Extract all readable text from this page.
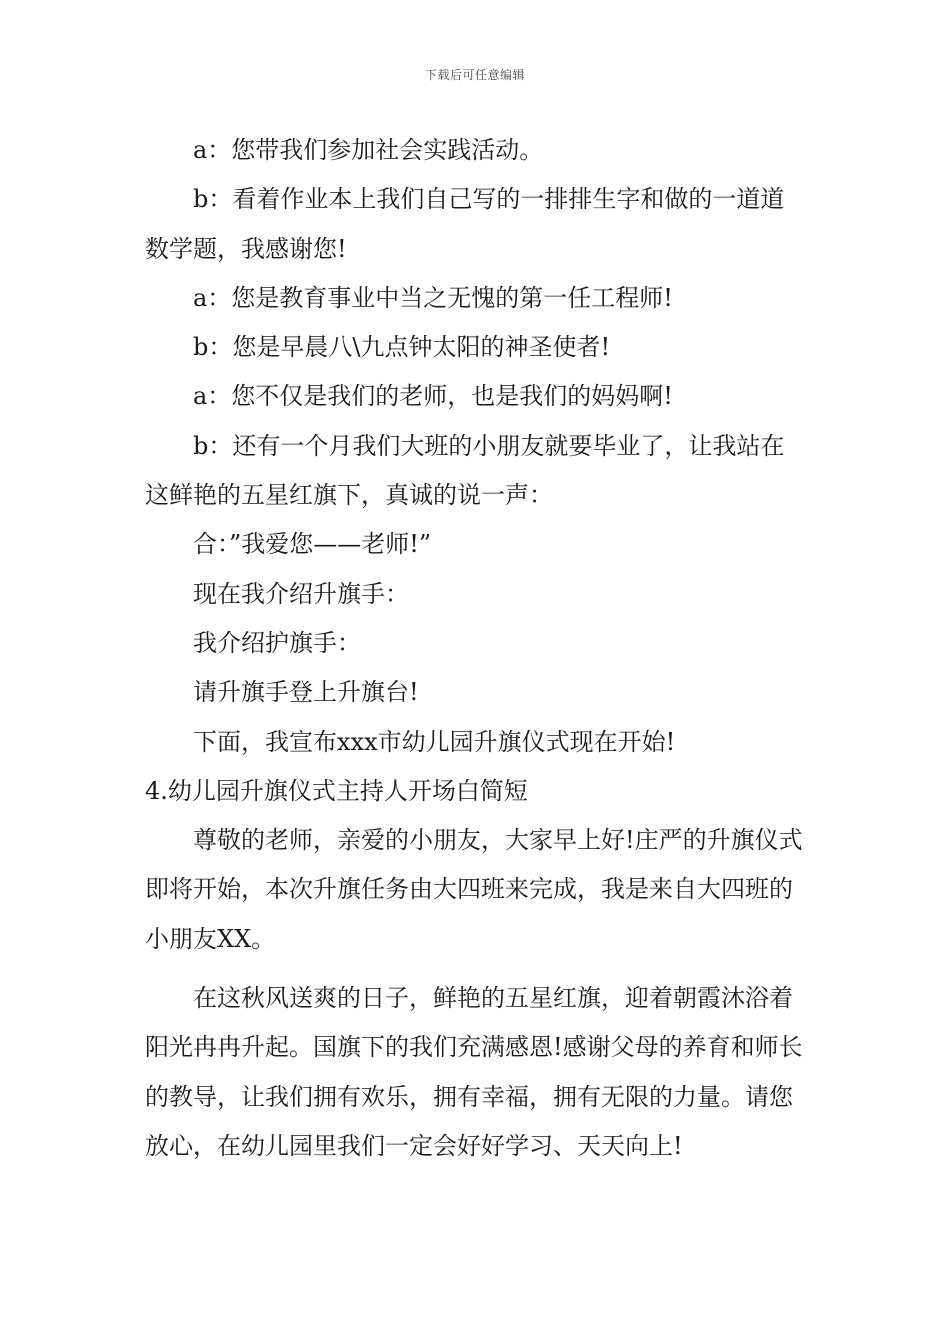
下载后可任意编辑

a：您带我们参加社会实践活动。

b：看着作业本上我们自己写的一排排生字和做的一道道数学题，我感谢您!

a：您是教育事业中当之无愧的第一任工程师!

b：您是早晨八\九点钟太阳的神圣使者!

a：您不仅是我们的老师，也是我们的妈妈啊!

b：还有一个月我们大班的小朋友就要毕业了，让我站在这鲜艳的五星红旗下，真诚的说一声：

合：”我爱您——老师!”

现在我介绍升旗手：

我介绍护旗手：

请升旗手登上升旗台!

下面，我宣布xxx市幼儿园升旗仪式现在开始!

4.幼儿园升旗仪式主持人开场白简短

尊敬的老师，亲爱的小朋友，大家早上好!庄严的升旗仪式即将开始，本次升旗任务由大四班来完成，我是来自大四班的小朋友XX。

在这秋风送爽的日子，鲜艳的五星红旗，迎着朝霞沐浴着阳光冉冉升起。国旗下的我们充满感恩!感谢父母的养育和师长的教导，让我们拥有欢乐，拥有幸福，拥有无限的力量。请您放心，在幼儿园里我们一定会好好学习、天天向上!
